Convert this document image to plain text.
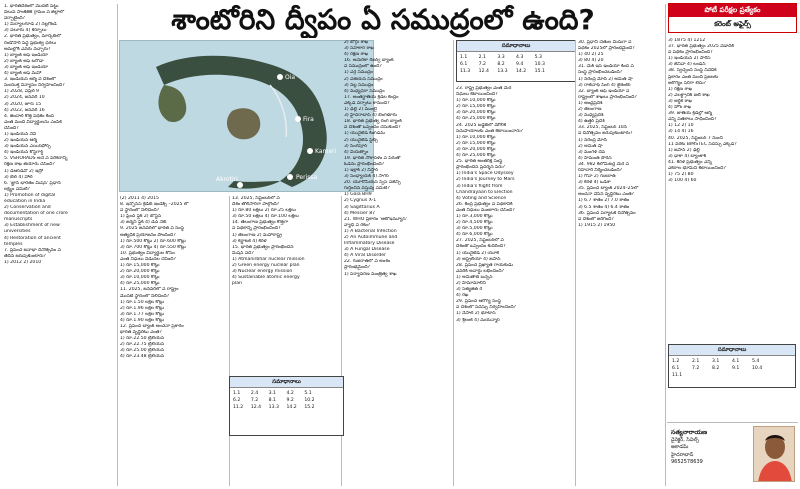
శాంటోరిని ద్వీపం ఏ సముద్రంలో ఉంది?	పోటీ పరీక్షల ప్రత్యేకం
కరెంట్ అఫైర్స్
Oia
Fira
Kamari
Akrotiri	Perissa
1. భారతదేశంలో మొదటి పట్టు
విలువ సాంకేతిక గ్రామం ఏ జిల్లాలో
ఏర్పాటైంది?
1) మిర్యాలగూడ 2) నల్లగొండ
3) ఏలూరు 4) కర్నూలు
2. భారత ప్రభుత్వం, మార్కెట్‌లో
రెండోసారి పెద్ద ప్రభుత్వ ధరలు
అమల్లోకి ఎవరు వచ్చారు?
1) బ్యాంక్ ఆఫ్ ఇండియా
2) బ్యాంక్ ఆఫ్ బరోడా
3) బ్యాంక్ ఆఫ్ ఇండియా
4) బ్యాంక్ ఆఫ్ మహా
3. ఇండియన్ ఆర్మీ ఏ దేశంలో
సంయుక్త విన్యాసం నిర్వహించింది?
1) 2028, ఏప్రిల్ 9
2) 2024, జనవరి 10
3) 2020, జూన్ 15
4) 2022, జనవరి 16
4. జిందాల్ కొత్త పథకం కింద
ఎంత మంది విద్యార్థులను ఎంపిక
చేసింది?
1) ఇండియన్ నేవీ
2) ఇండియన్ ఆర్మీ
3) ఇండియన్ ఎయిర్‌ఫోర్స్
4) ఇండియన్ కోస్ట్‌గార్డ్
5. VSHORADS అనే ఏ పరికరాన్ని
రక్షణ శాఖ తయారు చేసింది?
1) డీఆర్‌డీవో 2) ఇస్రో
3) బెల్ 4) హాల్
6. 'జ్ఞాన భారతం మిషన్' ప్రధాన
లక్ష్యం ఏమిటి?
1) Promotion of digital
education in India
2) Conservation and
documentation of one crore
manuscripts
3) Establishment of new
universities
4) Restoration of ancient
temples
7. ప్రపంచ జనాభా దినోత్సవం ఏ
తేదీన జరుపుకుంటారు?
1) 2012 2) 2010
(2) 2011 4) 2015
8. ఇన్ఫోసిస్ క్రెడిట్ ఇండెక్స్ –2025 లో
ఏ స్థానంలో నిలిచింది?
1) ఫ్రెంచ్ ఫ్లెక్ 2) బోస్టన్
3) జర్మనీ ఫ్లెక్ 4) డచ్ నెట్
9. 2025 జనవరిలో భారత ఏ సంస్థ
అత్యధిక ప్రయోజనం పొందింది?
1) రూ.500 కోట్లు 2) రూ.600 కోట్లు
3) రూ.700 కోట్లు 4) రూ.550 కోట్లు
10. ప్రభుత్వం విద్యార్థుల కోసం
ఎంత నిధులు విడుదల చేసింది?
1) రూ.15,000 కోట్లు
2) రూ.20,000 కోట్లు
3) రూ.10,000 కోట్లు
4) రూ.25,000 కోట్లు
11. 2025, జనవరిలో ఏ రాష్ట్రం
మొదటి స్థానంలో నిలిచింది?
1) రూ.1.50 లక్షల కోట్లు
2) రూ.1.96 లక్షల కోట్లు
3) రూ.1.77 లక్షల కోట్లు
4) రూ.1.90 లక్షల కోట్లు
12. ప్రపంచ బ్యాంక్ అంచనా ప్రకారం
భారత వృద్ధిరేటు ఎంత?
1) రూ.22.50 ట్రిలియన్
2) రూ.22.75 ట్రిలియన్
3) రూ.25.00 ట్రిలియన్
4) రూ.23.48 ట్రిలియన్
13. 2025, సెప్టెంబర్‌లో ఏ
దేశం తొలిసారిగా పాల్గొంది?
1) రూ.80 లక్షలు 2) రూ.25 లక్షలు
3) రూ.50 లక్షలు 4) రూ.100 లక్షలు
14. తెలంగాణ ప్రభుత్వం కొత్తగా
ఏ పథకాన్ని ప్రారంభించింది?
1) తెలంగాణ 2) మహారాష్ట్ర
3) కర్ణాటక 4) కేరళ
15. భారత ప్రభుత్వం ప్రారంభించిన
మిషన్ ఏది?
1) Atmanirbhar nuclear mission
2) Green energy nuclear plan
3) Nuclear energy mission
4) Sustainable atomic energy
plan
సమాధానాలు
1.1	2.4	3.1	4.2	5.1
6.2	7.2	8.1	9.2	10.2
11.2	12.4	13.3	14.2	15.2
2) బొగ్గు శాఖ
3) సహకార శాఖ
4) రక్షణ శాఖ
16. అమెరికా రిజర్వ్ బ్యాంక్
ఏ సముద్రంలో ఉంది?
1) ఎర్ర సముద్రం
2) ఏజియన్ సముద్రం
3) నల్ల సముద్రం
4) మధ్యధరా సముద్రం
17. అంతర్జాతీయ క్రీడల కేంద్రం
ఎక్కడ ఏర్పాటు కానుంది?
1) ఢిల్లీ 2) ముంబై
3) హైదరాబాద్ 4) బెంగళూరు
18. భారత ప్రభుత్వ రంగ బ్యాంక్
ఏ దేశంతో ఒప్పందం చేసుకుంది?
1) యునైటెడ్ కింగ్‌డమ్
2) యునైటెడ్ స్టేట్స్
3) సింగపూర్
4) వియత్నాం
19. భారత నౌకాదళం ఏ పేరుతో
ఓడను ప్రారంభించింది?
1) ఇక్షాక్ 2) నిస్తార్
3) సంధ్యాయక్ 4) సాగర్
20. యూరోపియన్ స్పేస్ ఏజెన్సీ
గుర్తించిన వస్తువు ఏమిటి?
1) Gaia BH9
2) Cygnus X-1
3) Sagittarius A
4) Messier 87
21. WHO ప్రకారం 'ఆటోఇమ్యూన్'
వ్యాధి ఏ రకం?
1) A Bacterial Infection
2) An Autoimmune and
Inflammatory Disease
3) A Fungal Disease
4) A Viral Disorder
22. గుజరాత్‌లో ఏ అంశం
ప్రారంభమైంది?
1) పర్యావరణ మంత్రిత్వ శాఖ
సమాధానాలు
1.1	2.1	3.3	4.3	5.3
6.1	7.2	8.2	9.4	10.3
11.3	12.4	13.3	14.2	15.1
23. రాష్ట్ర ప్రభుత్వం ఎంత మేర
నిధులు కేటాయించింది?
1) రూ.10,000 కోట్లు
2) రూ.15,000 కోట్లు
3) రూ.20,000 కోట్లు
4) రూ.25,000 కోట్లు
24. 2025 బడ్జెట్‌లో మౌలిక
సదుపాయాలకు ఎంత కేటాయించారు?
1) రూ.10,000 కోట్లు
2) రూ.15,000 కోట్లు
3) రూ.20,000 కోట్లు
4) రూ.25,000 కోట్లు
25. భారత అంతరిక్ష సంస్థ
ప్రారంభించిన ప్రదర్శన పేరు?
1) India's Space Odyssey
2) India's Journey to Mars
3) India's flight from
Chandrayaan to Election
4) Voting and Science
26. కేంద్ర ప్రభుత్వం ఏ పథకానికి
ఎంత నిధులు మంజూరు చేసింది?
1) రూ.3,000 కోట్లు
2) రూ.4,500 కోట్లు
3) రూ.5,000 కోట్లు
4) రూ.6,000 కోట్లు
27. 2025, సెప్టెంబర్‌లో ఏ
దేశంతో ఒప్పందం కుదిరింది?
1) యునైటెడ్ 2) యూకే
3) ఆస్ట్రేలియా 4) జపాన్
28. ప్రపంచ ప్రఖ్యాత గాయకుడు
ఎవరికి అవార్డు లభించింది?
1) అమితాబ్ బచ్చన్
2) హేమామాలిని
3) సత్యజిత్ రే
4) రేఖ
29. ప్రపంచ ఆరోగ్య సంస్థ
ఏ దేశంలో సదస్సు నిర్వహించింది?
1) నేపాల్ 2) భూటాన్
3) శ్రీలంక 4) మయన్మార్
30. ప్రధాని చేతుల మీదుగా ఏ
పథకం 2025లో ప్రారంభమైంది?
1) 40 2) 25
3) 80 4) 20
31. మేక్ ఇన్ ఇండియా కింద ఏ
సంస్థ ప్రారంభించబడింది?
1) నరేంద్ర మోదీ 2) అమిత్ షా
3) రాజ్‌నాథ్ సింగ్ 4) జైశంకర్
32. బ్యాంక్ ఆఫ్ ఇండియా ఏ
రాష్ట్రంలో శాఖలు ప్రారంభించింది?
1) ఆంధ్రప్రదేశ్
2) తెలంగాణ
3) మధ్యప్రదేశ్
4) ఉత్తర్ ప్రదేశ్
33. 2025, సెప్టెంబర్ 10న
ఏ దినోత్సవం జరుపుకుంటారు?
1) నరేంద్ర మోదీ
2) అమిత్ షా
3) మంగళ్ దేవ్
4) హేమంత్ సొరేన్
34. 982 కిలోమీటర్ల మేర ఏ
రహదారి నిర్మించబడింది?
1) గోవా 2) గుజరాత్
3) కేరళ 4) ఒడిశా
35. ప్రపంచ బ్యాంక్ 2024–25లో
అంచనా వేసిన వృద్ధిరేటు ఎంత?
1) 6.7 శాతం 2) 7.0 శాతం
3) 6.5 శాతం 4) 6.4 శాతం
36. ప్రపంచ పర్యాటక దినోత్సవం
ఏ దేశంలో జరిగింది?
1) 1915 2) 1950
3) 1875 4) 1212
37. భారత ప్రభుత్వం 2025 ఏడాదికి
ఏ పథకం ప్రారంభించింది?
1) ఇండియన్ 2) పారిస్
3) జెనీవా 4) లండన్
38. స్వచ్ఛంద సంస్థ నివేదిక
ప్రకారం ఎంత మంది ప్రజలకు
ఆరోగ్యం సరిగా లేదు?
1) రక్షణ శాఖ
2) ఎలక్ట్రానిక్ ఐటీ శాఖ
3) ఆర్థిక శాఖ
4) హోం శాఖ
39. జాతీయ క్రీడల్లో ఆర్మీ
ఎన్ని పతకాలు సాధించింది?
1) 12 2) 10
3) 14 4) 16
40. 2025, సెప్టెంబర్ 7 నుంచి
11 వరకు BIMSTEC సదస్సు ఎక్కడ?
1) జపాన్ 2) ఢిల్లీ
3) ఢాకా 4) బ్యాంకాక్
41. కేరళ ప్రభుత్వం ఎన్ని
ఎకరాల భూమిని కేటాయించింది?
1) 75 2) 80
3) 100 4) 60
సమాధానాలు
1.2	2.1	3.1	4.1	5.4
6.1	7.2	8.2	9.1	10.4
11.1
సత్యనారాయణ
డైరెక్టర్, సివిల్స్
అకాడమీ
హైదరాబాద్
9652578639
